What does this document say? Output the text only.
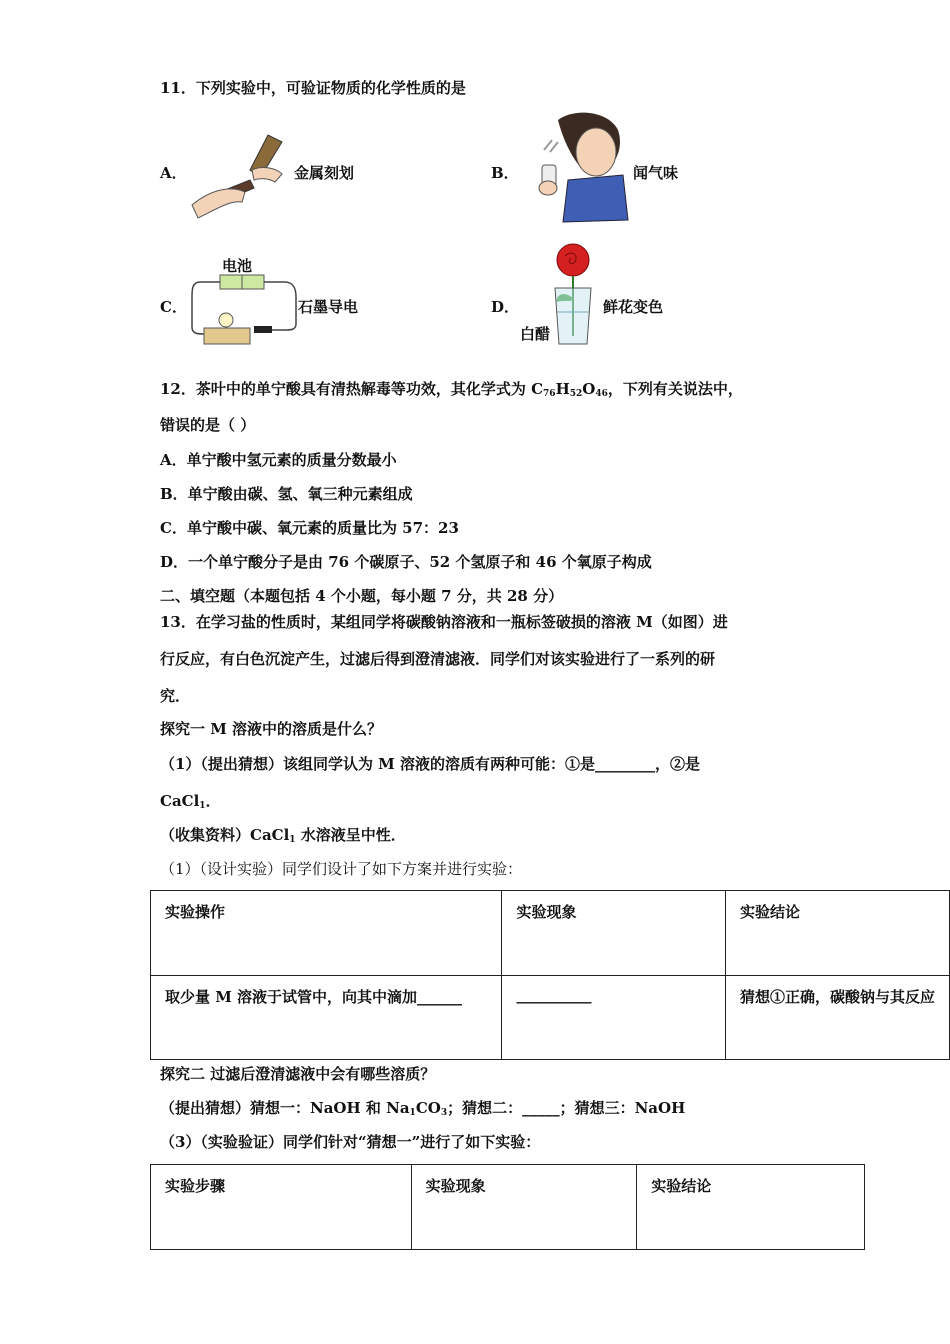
11．下列实验中，可验证物质的化学性质的是
A．	金属刻划	B．	闻气味
C．
电池
石墨导电	D．
白醋
鲜花变色
12．茶叶中的单宁酸具有清热解毒等功效，其化学式为 $C_{76}H_{52}O_{46}$，下列有关说法中，
错误的是（ ）
A．单宁酸中氢元素的质量分数最小
B．单宁酸由碳、氢、氧三种元素组成
C．单宁酸中碳、氧元素的质量比为 57：23
D．一个单宁酸分子是由 76 个碳原子、52 个氢原子和 46 个氧原子构成
二、填空题（本题包括 4 个小题，每小题 7 分，共 28 分）
13．在学习盐的性质时，某组同学将碳酸钠溶液和一瓶标签破损的溶液 M（如图）进
行反应，有白色沉淀产生，过滤后得到澄清滤液．同学们对该实验进行了一系列的研
究．
探究一 M 溶液中的溶质是什么？
（1）（提出猜想）该组同学认为 M 溶液的溶质有两种可能：①是________，②是
CaCl$_1$．
（收集资料）CaCl$_1$ 水溶液呈中性．
（1）（设计实验）同学们设计了如下方案并进行实验：
实验操作	实验现象	实验结论
取少量 M 溶液于试管中，向其中滴加______	__________	猜想①正确，碳酸钠与其反应
探究二 过滤后澄清滤液中会有哪些溶质？
（提出猜想）猜想一：NaOH 和 $Na_1CO_3$；猜想二：_____；猜想三：NaOH
（3）（实验验证）同学们针对“猜想一”进行了如下实验：
实验步骤	实验现象	实验结论
